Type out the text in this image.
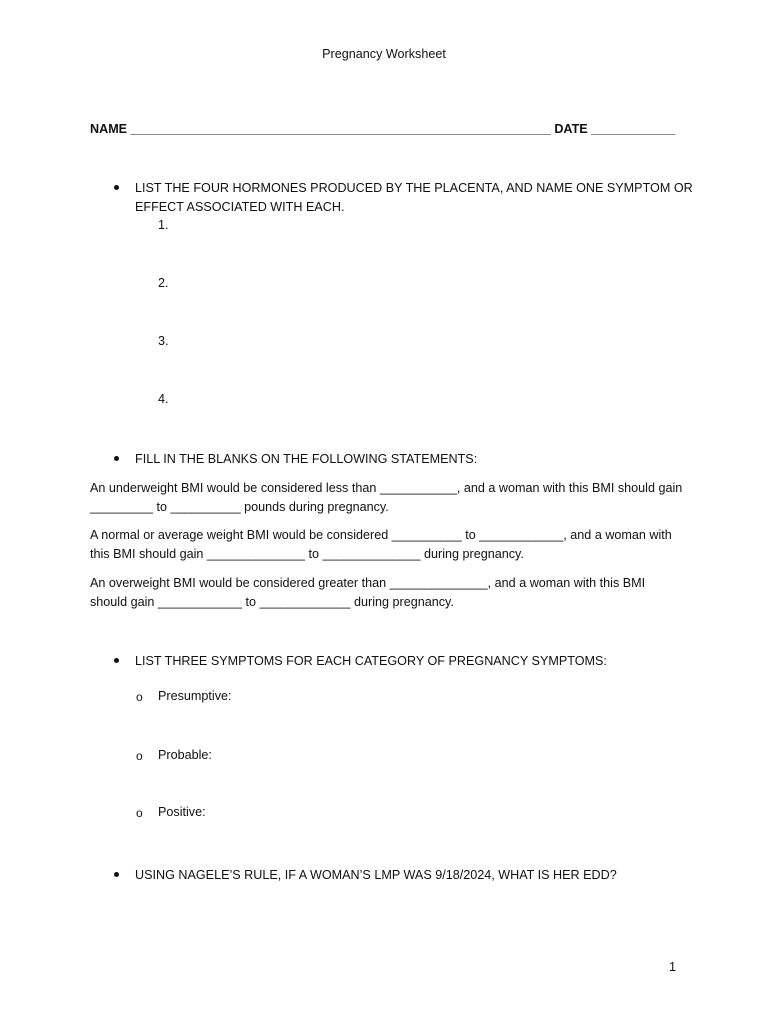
Pregnancy Worksheet
NAME ____________________________________________________________ DATE ____________
LIST THE FOUR HORMONES PRODUCED BY THE PLACENTA, AND NAME ONE SYMPTOM OR
EFFECT ASSOCIATED WITH EACH.
1.
2.
3.
4.
FILL IN THE BLANKS ON THE FOLLOWING STATEMENTS:
An underweight BMI would be considered less than ___________, and a woman with this BMI should gain _________ to __________ pounds during pregnancy.
A normal or average weight BMI would be considered __________ to ____________, and a woman with this BMI should gain ______________ to ______________ during pregnancy.
An overweight BMI would be considered greater than ______________, and a woman with this BMI should gain ____________ to _____________ during pregnancy.
LIST THREE SYMPTOMS FOR EACH CATEGORY OF PREGNANCY SYMPTOMS:
o Presumptive:
o Probable:
o Positive:
USING NAGELE’S RULE, IF A WOMAN’S LMP WAS 9/18/2024, WHAT IS HER EDD?
1
